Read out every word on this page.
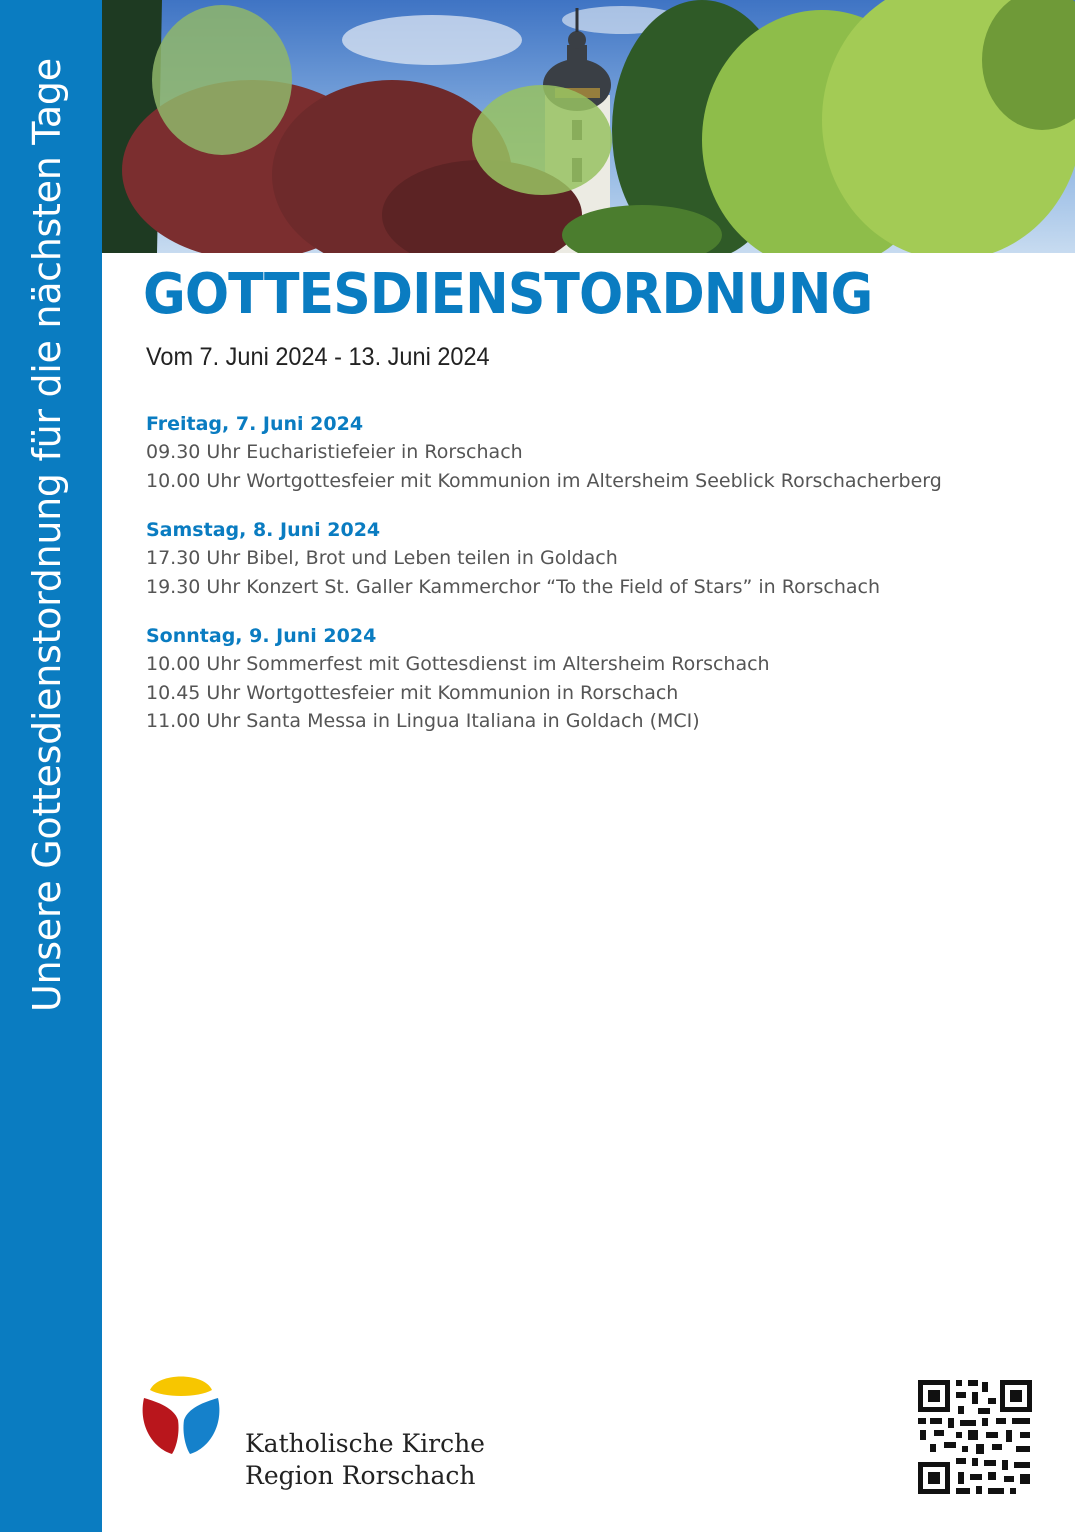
Unsere Gottesdienstordnung für die nächsten Tage GOTTESDIENSTORDNUNG
Vom 7. Juni 2024 - 13. Juni 2024
Freitag, 7. Juni 2024
09.30 Uhr Eucharistiefeier in Rorschach
10.00 Uhr Wortgottesfeier mit Kommunion im Altersheim Seeblick Rorschacherberg
Samstag, 8. Juni 2024
17.30 Uhr Bibel, Brot und Leben teilen in Goldach
19.30 Uhr Konzert St. Galler Kammerchor “To the Field of Stars” in Rorschach
Sonntag, 9. Juni 2024
10.00 Uhr Sommerfest mit Gottesdienst im Altersheim Rorschach
10.45 Uhr Wortgottesfeier mit Kommunion in Rorschach
11.00 Uhr Santa Messa in Lingua Italiana in Goldach (MCI)
Katholische Kirche
Region Rorschach
